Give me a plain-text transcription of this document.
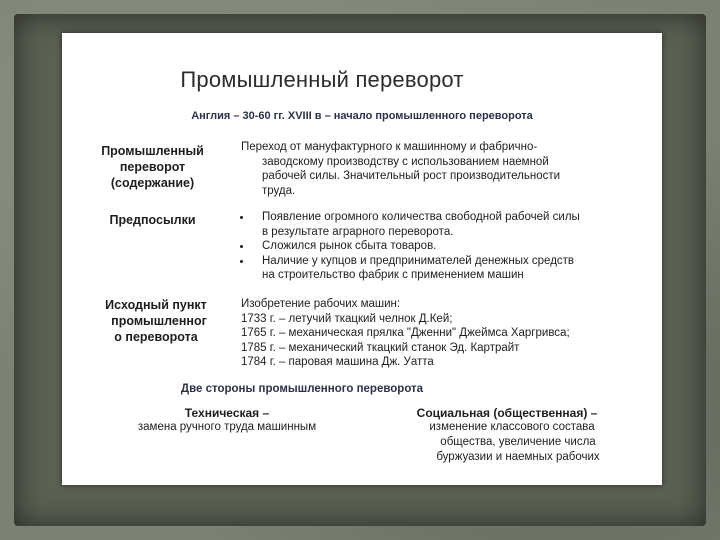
Промышленный переворот
Англия – 30-60 гг. XVIII в – начало промышленного переворота
Промышленный
переворот
(содержание)
Переход от мануфактурного к машинному и фабрично-
заводскому производству с использованием наемной
рабочей силы. Значительный рост производительности
труда.
Предпосылки	Появление огромного количества свободной рабочей силы
в результате аграрного переворота.
Сложился рынок сбыта товаров.
Наличие у купцов и предпринимателей денежных средств
на строительство фабрик с применением машин
Исходный пункт
промышленног
о переворота
Изобретение рабочих машин:
1733 г. – летучий ткацкий челнок Д.Кей;
1765 г. – механическая прялка "Дженни" Джеймса Харгривса;
1785 г. – механический ткацкий станок Эд. Картрайт
1784 г. – паровая машина Дж. Уатта
Две стороны промышленного переворота
Техническая –
замена ручного труда машинным
Социальная (общественная) –
изменение классового состава
общества, увеличение числа
буржуазии и наемных рабочих
